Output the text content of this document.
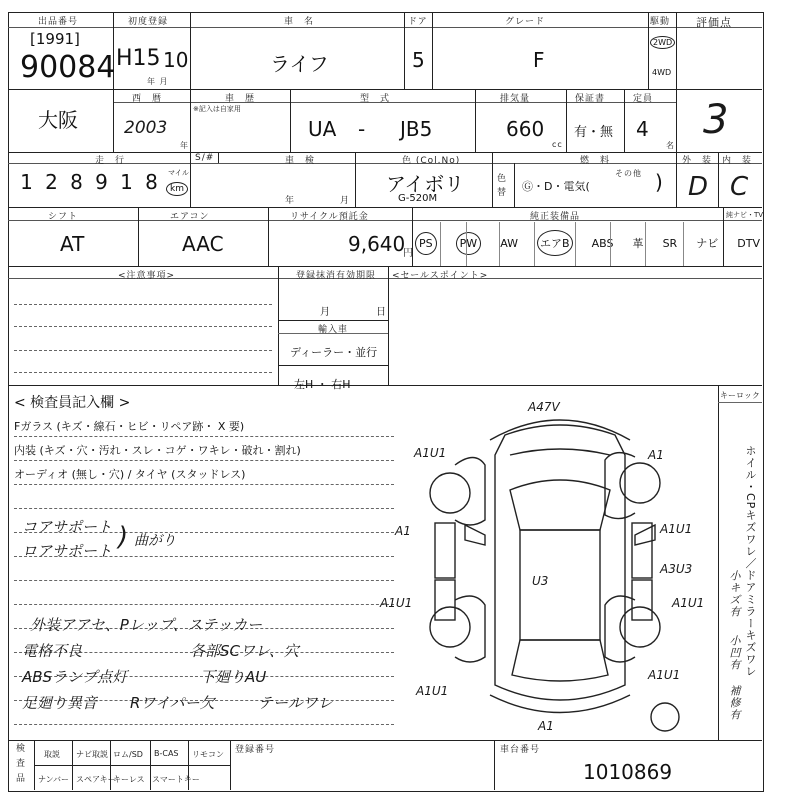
出品番号
[1991]
90084
初度登録
H15 10
年 月
車　名
ライフ
ドア
5
グレード
F
駆動
2WD
4WD
評価点
3
大阪
西　暦
2003
年
車　歴
※記入は自家用
型　式
UA - JB5
排気量
660
cc
保証書
有・無
定員
4
名
走　行	S/#
1 2 8 9 1 8	マイル
km
車　検
年	月
色 (Col.No)
アイボリ
G-520M
色替
燃　料
Ⓖ・D・電気(
その他 )
外　装
D
内　装
C
シフト
AT
エアコン
AAC
リサイクル預託金
9,640
円
純正装備品	純ナビ・TV
PS	PW	AW エアB ABS 革 SR ナビ DTV
<注意事項>	登録抹消有効期限 <セールスポイント>
月	日
輸入車
ディーラー・並行
左H ・ 右H
キーロック
< 検査員記入欄 >
Fガラス (キズ・線石・ヒビ・リペア跡・ X 要)
内装 (キズ・穴・汚れ・スレ・コゲ・ワキレ・破れ・割れ)
オーディオ (無し・穴) / タイヤ (スタッドレス)
コアサポート
ロアサポート ) 曲がり
外装アアセ、Pレップ、ステッカー
電格不良	各部SCワレ、穴
ABSランプ点灯	下廻りAU
足廻り異音 Rワイパー欠	テールワレ
A47V
A1U1	A1
A1	A1U1
A3U3
A1U1	A1U1
U3
A1U1
A1U1
A1
ホイル・CPキズワレ／ドアミラーキズワレ
小キズ有
小凹有
補修有
検
査
品
取説 ナビ取説 ロム/SD B-CAS リモコン
ナンバー スペアキー
キーレス スマートキー
登録番号	車台番号
1010869
